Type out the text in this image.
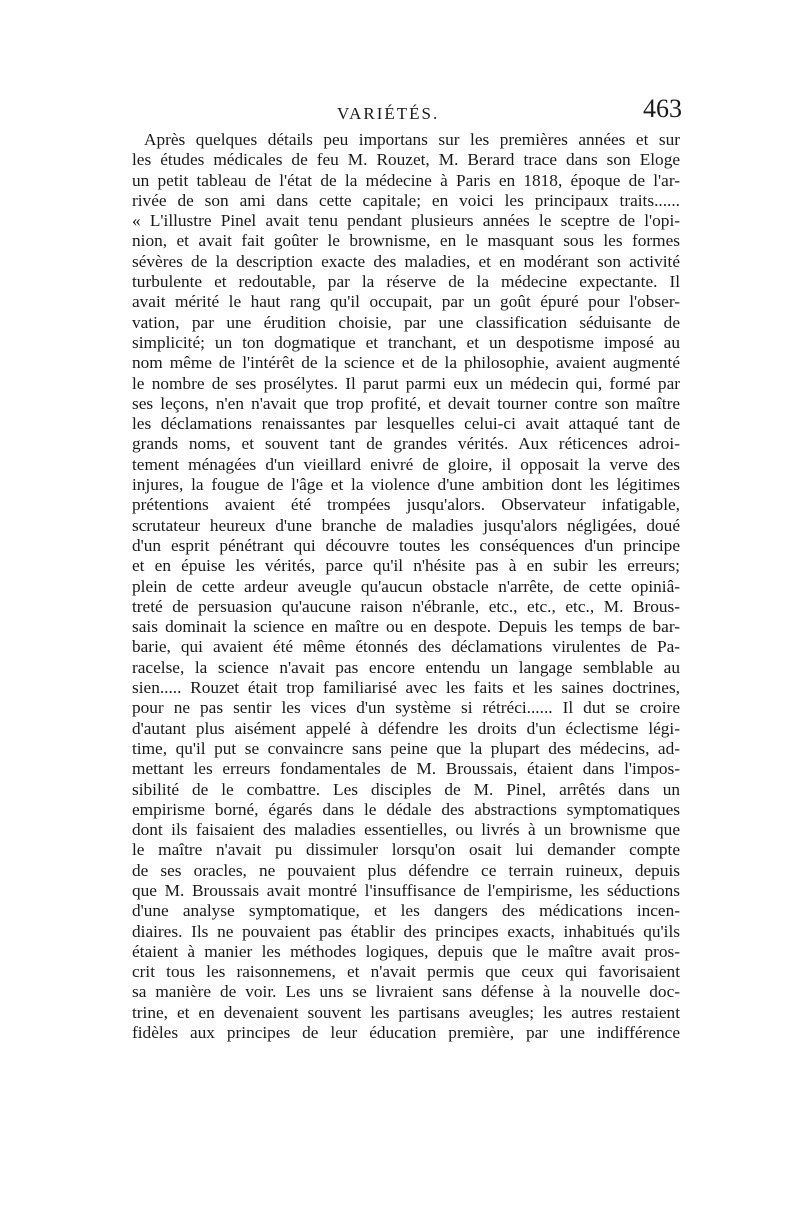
VARIÉTÉS.	463
Après quelques détails peu importans sur les premières années et sur
les études médicales de feu M. Rouzet, M. Berard trace dans son Eloge
un petit tableau de l'état de la médecine à Paris en 1818, époque de l'ar-
rivée de son ami dans cette capitale; en voici les principaux traits......
« L'illustre Pinel avait tenu pendant plusieurs années le sceptre de l'opi-
nion, et avait fait goûter le brownisme, en le masquant sous les formes
sévères de la description exacte des maladies, et en modérant son activité
turbulente et redoutable, par la réserve de la médecine expectante. Il
avait mérité le haut rang qu'il occupait, par un goût épuré pour l'obser-
vation, par une érudition choisie, par une classification séduisante de
simplicité; un ton dogmatique et tranchant, et un despotisme imposé au
nom même de l'intérêt de la science et de la philosophie, avaient augmenté
le nombre de ses prosélytes. Il parut parmi eux un médecin qui, formé par
ses leçons, n'en n'avait que trop profité, et devait tourner contre son maître
les déclamations renaissantes par lesquelles celui-ci avait attaqué tant de
grands noms, et souvent tant de grandes vérités. Aux réticences adroi-
tement ménagées d'un vieillard enivré de gloire, il opposait la verve des
injures, la fougue de l'âge et la violence d'une ambition dont les légitimes
prétentions avaient été trompées jusqu'alors. Observateur infatigable,
scrutateur heureux d'une branche de maladies jusqu'alors négligées, doué
d'un esprit pénétrant qui découvre toutes les conséquences d'un principe
et en épuise les vérités, parce qu'il n'hésite pas à en subir les erreurs;
plein de cette ardeur aveugle qu'aucun obstacle n'arrête, de cette opiniâ-
treté de persuasion qu'aucune raison n'ébranle, etc., etc., etc., M. Brous-
sais dominait la science en maître ou en despote. Depuis les temps de bar-
barie, qui avaient été même étonnés des déclamations virulentes de Pa-
racelse, la science n'avait pas encore entendu un langage semblable au
sien..... Rouzet était trop familiarisé avec les faits et les saines doctrines,
pour ne pas sentir les vices d'un système si rétréci...... Il dut se croire
d'autant plus aisément appelé à défendre les droits d'un éclectisme légi-
time, qu'il put se convaincre sans peine que la plupart des médecins, ad-
mettant les erreurs fondamentales de M. Broussais, étaient dans l'impos-
sibilité de le combattre. Les disciples de M. Pinel, arrêtés dans un
empirisme borné, égarés dans le dédale des abstractions symptomatiques
dont ils faisaient des maladies essentielles, ou livrés à un brownisme que
le maître n'avait pu dissimuler lorsqu'on osait lui demander compte
de ses oracles, ne pouvaient plus défendre ce terrain ruineux, depuis
que M. Broussais avait montré l'insuffisance de l'empirisme, les séductions
d'une analyse symptomatique, et les dangers des médications incen-
diaires. Ils ne pouvaient pas établir des principes exacts, inhabitués qu'ils
étaient à manier les méthodes logiques, depuis que le maître avait pros-
crit tous les raisonnemens, et n'avait permis que ceux qui favorisaient
sa manière de voir. Les uns se livraient sans défense à la nouvelle doc-
trine, et en devenaient souvent les partisans aveugles; les autres restaient
fidèles aux principes de leur éducation première, par une indifférence
